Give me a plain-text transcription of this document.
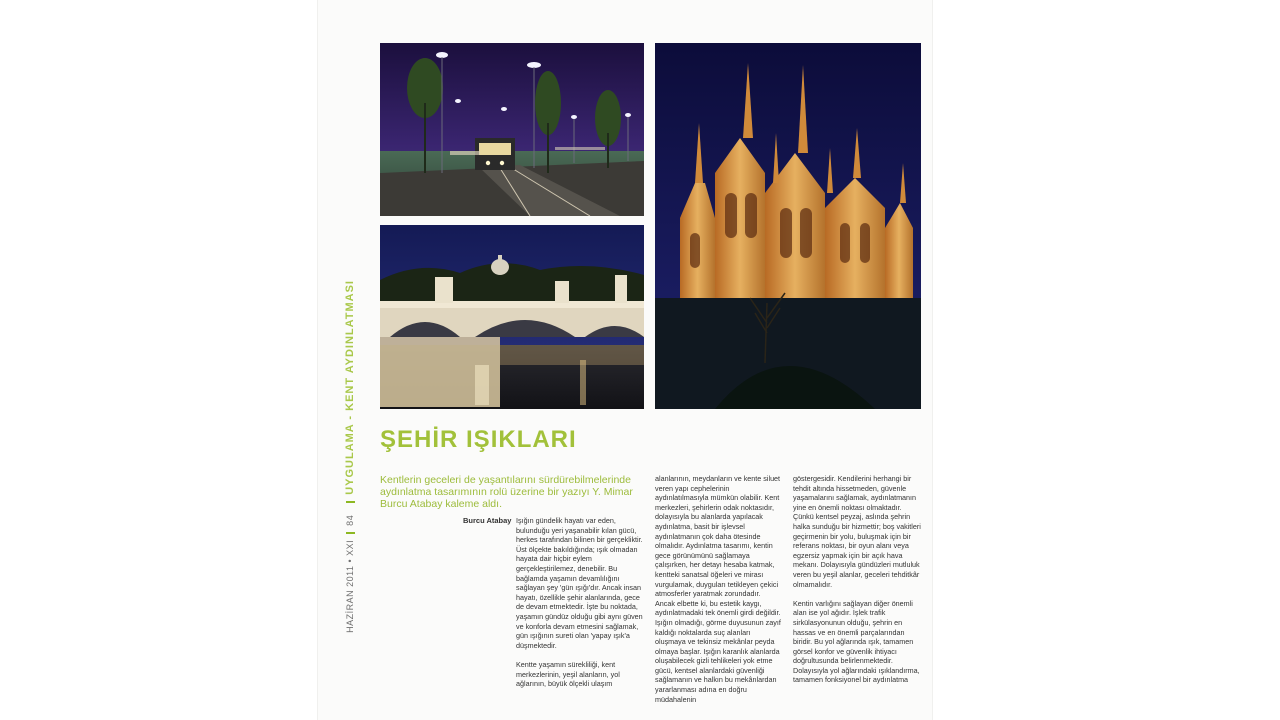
HAZİRAN 2011 • XXI84UYGULAMA - KENT AYDINLATMASI ŞEHİR IŞIKLARI

Kentlerin geceleri de yaşantılarını sürdürebilmelerinde aydınlatma tasarımının rolü üzerine bir yazıyı Y. Mimar Burcu Atabay kaleme aldı.

Burcu Atabay Işığın gündelik hayatı var eden, bulunduğu yeri yaşanabilir kılan gücü, herkes tarafından bilinen bir gerçekliktir. Üst ölçekte bakıldığında; ışık olmadan hayata dair hiçbir eylem gerçekleştirilemez, denebilir. Bu bağlamda yaşamın devamlılığını sağlayan şey 'gün ışığı'dır. Ancak insan hayatı, özellikle şehir alanlarında, gece de devam etmektedir. İşte bu noktada, yaşamın gündüz olduğu gibi aynı güven ve konforla devam etmesini sağlamak, gün ışığının sureti olan 'yapay ışık'a düşmektedir.

Kentte yaşamın sürekliliği, kent merkezlerinin, yeşil alanların, yol ağlarının, büyük ölçekli ulaşım

alanlarının, meydanların ve kente siluet veren yapı cephelerinin aydınlatılmasıyla mümkün olabilir. Kent merkezleri, şehirlerin odak noktasıdır, dolayısıyla bu alanlarda yapılacak aydınlatma, basit bir işlevsel aydınlatmanın çok daha ötesinde olmalıdır. Aydınlatma tasarımı, kentin gece görünümünü sağlamaya çalışırken, her detayı hesaba katmak, kentteki sanatsal öğeleri ve mirası vurgulamak, duyguları tetikleyen çekici atmosferler yaratmak zorundadır. Ancak elbette ki, bu estetik kaygı, aydınlatmadaki tek önemli girdi değildir. Işığın olmadığı, görme duyusunun zayıf kaldığı noktalarda suç alanları oluşmaya ve tekinsiz mekânlar peyda olmaya başlar. Işığın karanlık alanlarda oluşabilecek gizli tehlikeleri yok etme gücü, kentsel alanlardaki güvenliği sağlamanın ve halkın bu mekânlardan yararlanması adına en doğru müdahalenin

göstergesidir. Kendilerini herhangi bir tehdit altında hissetmeden, güvenle yaşamalarını sağlamak, aydınlatmanın yine en önemli noktası olmaktadır. Çünkü kentsel peyzaj, aslında şehrin halka sunduğu bir hizmettir; boş vakitleri geçirmenin bir yolu, buluşmak için bir referans noktası, bir oyun alanı veya egzersiz yapmak için bir açık hava mekanı. Dolayısıyla gündüzleri mutluluk veren bu yeşil alanlar, geceleri tehditkâr olmamalıdır.

Kentin varlığını sağlayan diğer önemli alan ise yol ağıdır. İşlek trafik sirkülasyonunun olduğu, şehrin en hassas ve en önemli parçalarından biridir. Bu yol ağlarında ışık, tamamen görsel konfor ve güvenlik ihtiyacı doğrultusunda belirlenmektedir. Dolayısıyla yol ağlarındaki ışıklandırma, tamamen fonksiyonel bir aydınlatma
